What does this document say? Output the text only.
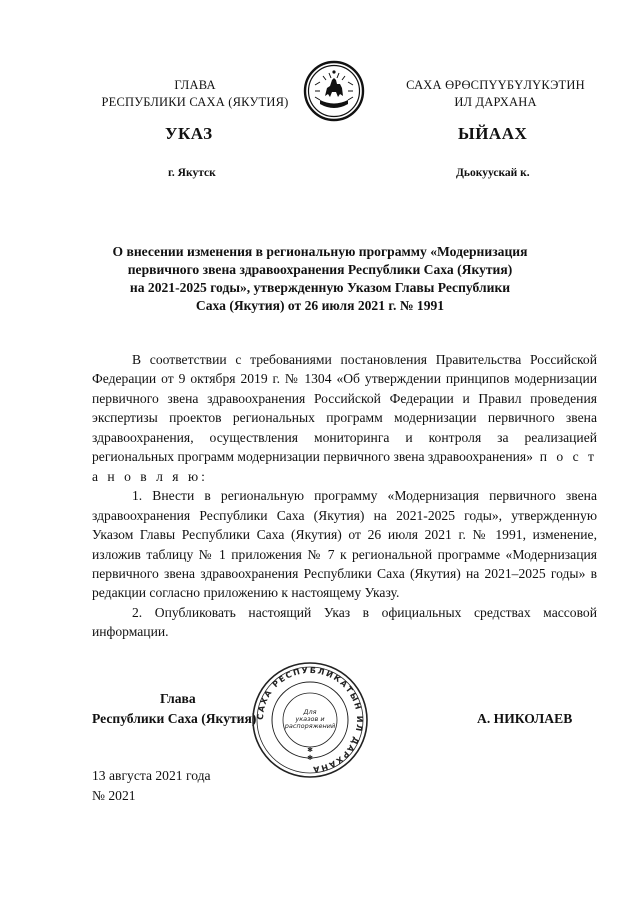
ГЛАВА
РЕСПУБЛИКИ САХА (ЯКУТИЯ)
САХА ӨРӨСПҮҮБҮЛҮКЭТИН
ИЛ ДАРХАНА
УКАЗ	ЫЙААХ
г. Якутск	Дьокуускай к.
О внесении изменения в региональную программу «Модернизация
первичного звена здравоохранения Республики Саха (Якутия)
на 2021-2025 годы», утвержденную Указом Главы Республики
Саха (Якутия) от 26 июля 2021 г. № 1991

В соответствии с требованиями постановления Правительства Российской Федерации от 9 октября 2019 г. № 1304 «Об утверждении принципов модернизации первичного звена здравоохранения Российской Федерации и Правил проведения экспертизы проектов региональных программ модернизации первичного звена здравоохранения, осуществления мониторинга и контроля за реализацией региональных программ модернизации первичного звена здравоохранения» п о с т а н о в л я ю:

1. Внести в региональную программу «Модернизация первичного звена здравоохранения Республики Саха (Якутия) на 2021-2025 годы», утвержденную Указом Главы Республики Саха (Якутия) от 26 июля 2021 г. № 1991, изменение, изложив таблицу № 1 приложения № 7 к региональной программе «Модернизация первичного звена здравоохранения Республики Саха (Якутия) на 2021–2025 годы» в редакции согласно приложению к настоящему Указу.

2. Опубликовать настоящий Указ в официальных средствах массовой информации.

Глава
Республики Саха (Якутия)	А. НИКОЛАЕВ
САХА РЕСПУБЛИКАТЫН ИЛ ДАРХАНА
Для
указов и
распоряжений
✱
✱
13 августа 2021 года
№ 2021
